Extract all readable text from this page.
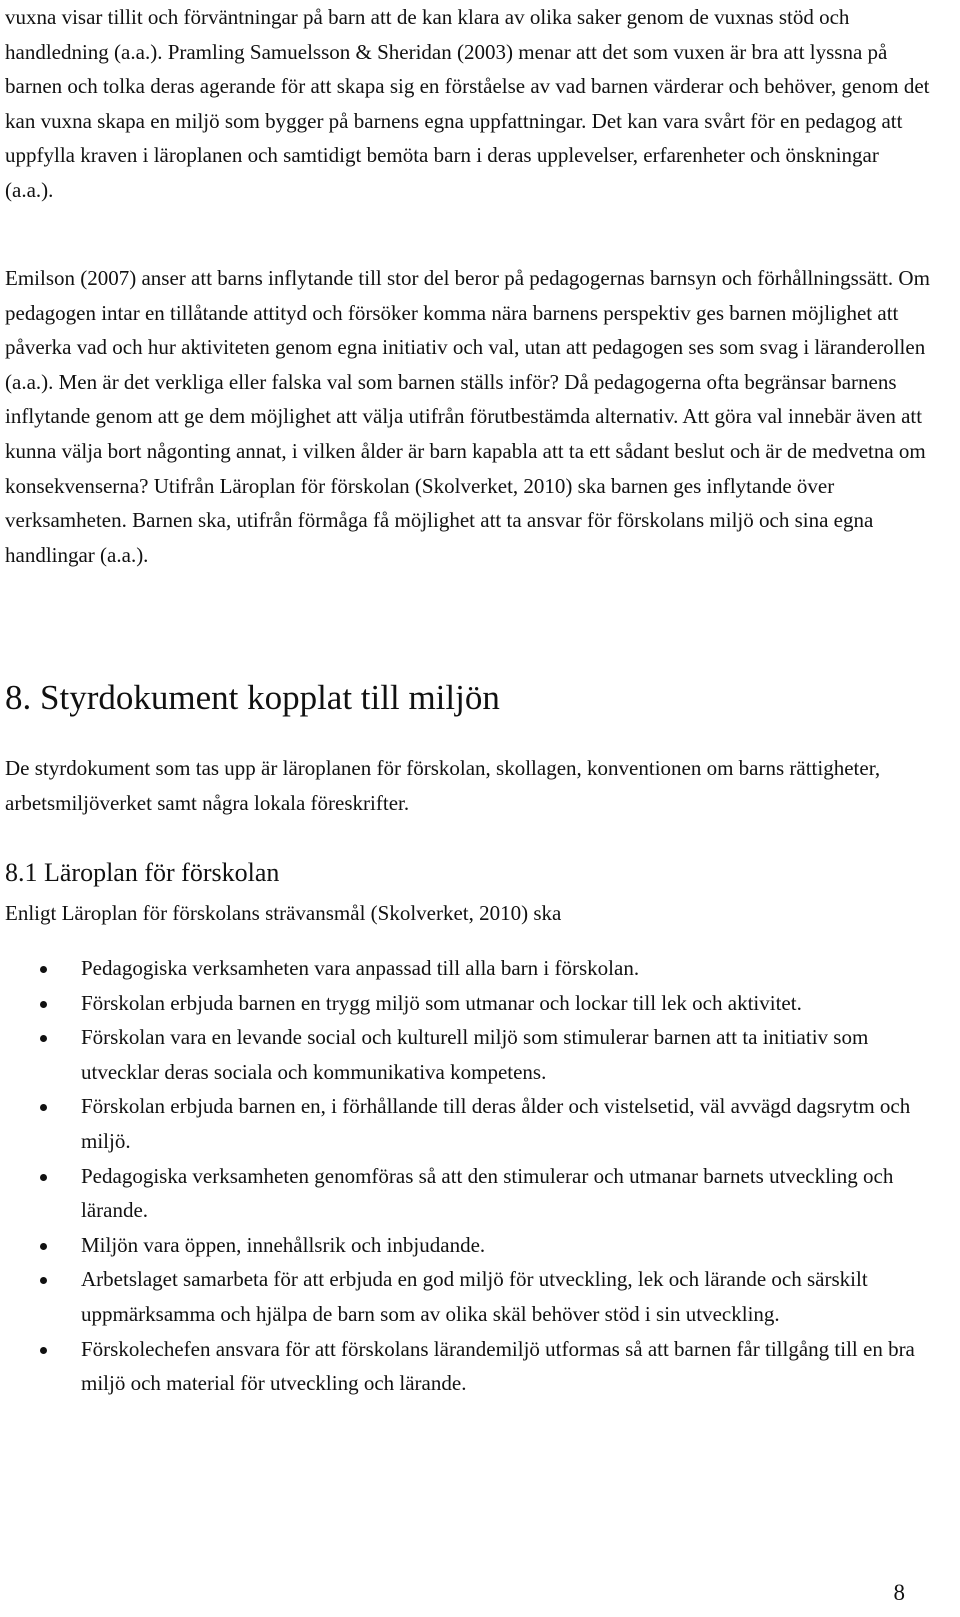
vuxna visar tillit och förväntningar på barn att de kan klara av olika saker genom de vuxnas stöd och handledning (a.a.). Pramling Samuelsson & Sheridan (2003) menar att det som vuxen är bra att lyssna på barnen och tolka deras agerande för att skapa sig en förståelse av vad barnen värderar och behöver, genom det kan vuxna skapa en miljö som bygger på barnens egna uppfattningar. Det kan vara svårt för en pedagog att uppfylla kraven i läroplanen och samtidigt bemöta barn i deras upplevelser, erfarenheter och önskningar (a.a.).

Emilson (2007) anser att barns inflytande till stor del beror på pedagogernas barnsyn och förhållningssätt. Om pedagogen intar en tillåtande attityd och försöker komma nära barnens perspektiv ges barnen möjlighet att påverka vad och hur aktiviteten genom egna initiativ och val, utan att pedagogen ses som svag i läranderollen (a.a.). Men är det verkliga eller falska val som barnen ställs inför? Då pedagogerna ofta begränsar barnens inflytande genom att ge dem möjlighet att välja utifrån förutbestämda alternativ. Att göra val innebär även att kunna välja bort någonting annat, i vilken ålder är barn kapabla att ta ett sådant beslut och är de medvetna om konsekvenserna? Utifrån Läroplan för förskolan (Skolverket, 2010) ska barnen ges inflytande över verksamheten. Barnen ska, utifrån förmåga få möjlighet att ta ansvar för förskolans miljö och sina egna handlingar (a.a.).

8. Styrdokument kopplat till miljön

De styrdokument som tas upp är läroplanen för förskolan, skollagen, konventionen om barns rättigheter, arbetsmiljöverket samt några lokala föreskrifter.

8.1 Läroplan för förskolan

Enligt Läroplan för förskolans strävansmål (Skolverket, 2010) ska

Pedagogiska verksamheten vara anpassad till alla barn i förskolan.
Förskolan erbjuda barnen en trygg miljö som utmanar och lockar till lek och aktivitet.
Förskolan vara en levande social och kulturell miljö som stimulerar barnen att ta initiativ som utvecklar deras sociala och kommunikativa kompetens.
Förskolan erbjuda barnen en, i förhållande till deras ålder och vistelsetid, väl avvägd dagsrytm och miljö.
Pedagogiska verksamheten genomföras så att den stimulerar och utmanar barnets utveckling och lärande.
Miljön vara öppen, innehållsrik och inbjudande.
Arbetslaget samarbeta för att erbjuda en god miljö för utveckling, lek och lärande och särskilt uppmärksamma och hjälpa de barn som av olika skäl behöver stöd i sin utveckling.
Förskolechefen ansvara för att förskolans lärandemiljö utformas så att barnen får tillgång till en bra miljö och material för utveckling och lärande.
8
